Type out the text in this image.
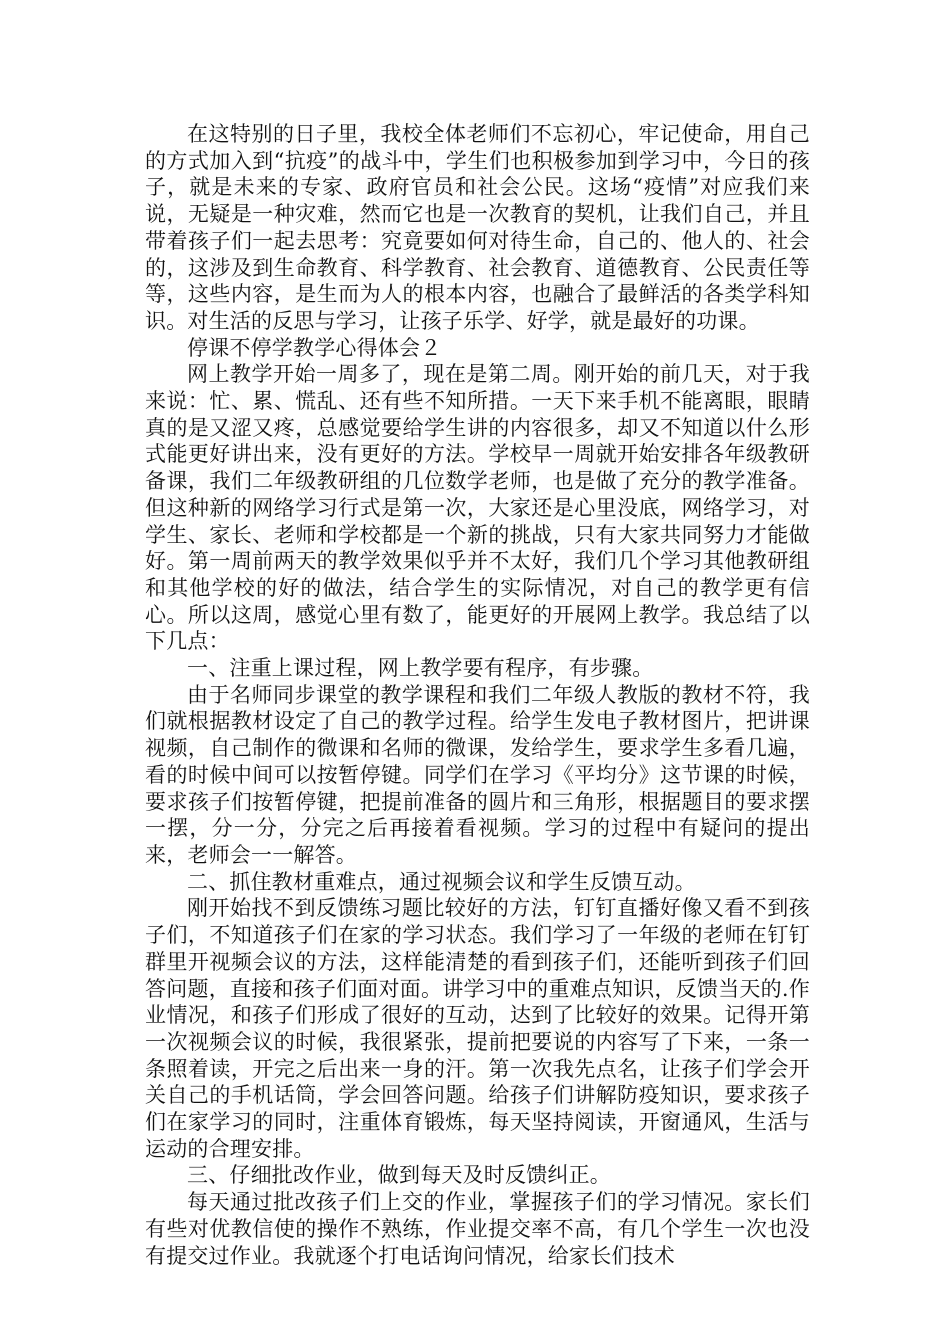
在这特别的日子里，我校全体老师们不忘初心，牢记使命，用自己的方式加入到“抗疫”的战斗中，学生们也积极参加到学习中，今日的孩子，就是未来的专家、政府官员和社会公民。这场“疫情”对应我们来说，无疑是一种灾难，然而它也是一次教育的契机，让我们自己，并且带着孩子们一起去思考：究竟要如何对待生命，自己的、他人的、社会的，这涉及到生命教育、科学教育、社会教育、道德教育、公民责任等等，这些内容，是生而为人的根本内容，也融合了最鲜活的各类学科知识。对生活的反思与学习，让孩子乐学、好学，就是最好的功课。

停课不停学教学心得体会２

网上教学开始一周多了，现在是第二周。刚开始的前几天，对于我来说：忙、累、慌乱、还有些不知所措。一天下来手机不能离眼，眼睛真的是又涩又疼，总感觉要给学生讲的内容很多，却又不知道以什么形式能更好讲出来，没有更好的方法。学校早一周就开始安排各年级教研备课，我们二年级教研组的几位数学老师，也是做了充分的教学准备。但这种新的网络学习行式是第一次，大家还是心里没底，网络学习，对学生、家长、老师和学校都是一个新的挑战，只有大家共同努力才能做好。第一周前两天的教学效果似乎并不太好，我们几个学习其他教研组和其他学校的好的做法，结合学生的实际情况，对自己的教学更有信心。所以这周，感觉心里有数了，能更好的开展网上教学。我总结了以下几点：

一、注重上课过程，网上教学要有程序，有步骤。

由于名师同步课堂的教学课程和我们二年级人教版的教材不符，我们就根据教材设定了自己的教学过程。给学生发电子教材图片，把讲课视频，自己制作的微课和名师的微课，发给学生，要求学生多看几遍，看的时候中间可以按暂停键。同学们在学习《平均分》这节课的时候，要求孩子们按暂停键，把提前准备的圆片和三角形，根据题目的要求摆一摆，分一分，分完之后再接着看视频。学习的过程中有疑问的提出来，老师会一一解答。

二、抓住教材重难点，通过视频会议和学生反馈互动。

刚开始找不到反馈练习题比较好的方法，钉钉直播好像又看不到孩子们，不知道孩子们在家的学习状态。我们学习了一年级的老师在钉钉群里开视频会议的方法，这样能清楚的看到孩子们，还能听到孩子们回答问题，直接和孩子们面对面。讲学习中的重难点知识，反馈当天的.作业情况，和孩子们形成了很好的互动，达到了比较好的效果。记得开第一次视频会议的时候，我很紧张，提前把要说的内容写了下来，一条一条照着读，开完之后出来一身的汗。第一次我先点名，让孩子们学会开关自己的手机话筒，学会回答问题。给孩子们讲解防疫知识，要求孩子们在家学习的同时，注重体育锻炼，每天坚持阅读，开窗通风，生活与运动的合理安排。

三、仔细批改作业，做到每天及时反馈纠正。

每天通过批改孩子们上交的作业，掌握孩子们的学习情况。家长们有些对优教信使的操作不熟练，作业提交率不高，有几个学生一次也没有提交过作业。我就逐个打电话询问情况，给家长们技术
